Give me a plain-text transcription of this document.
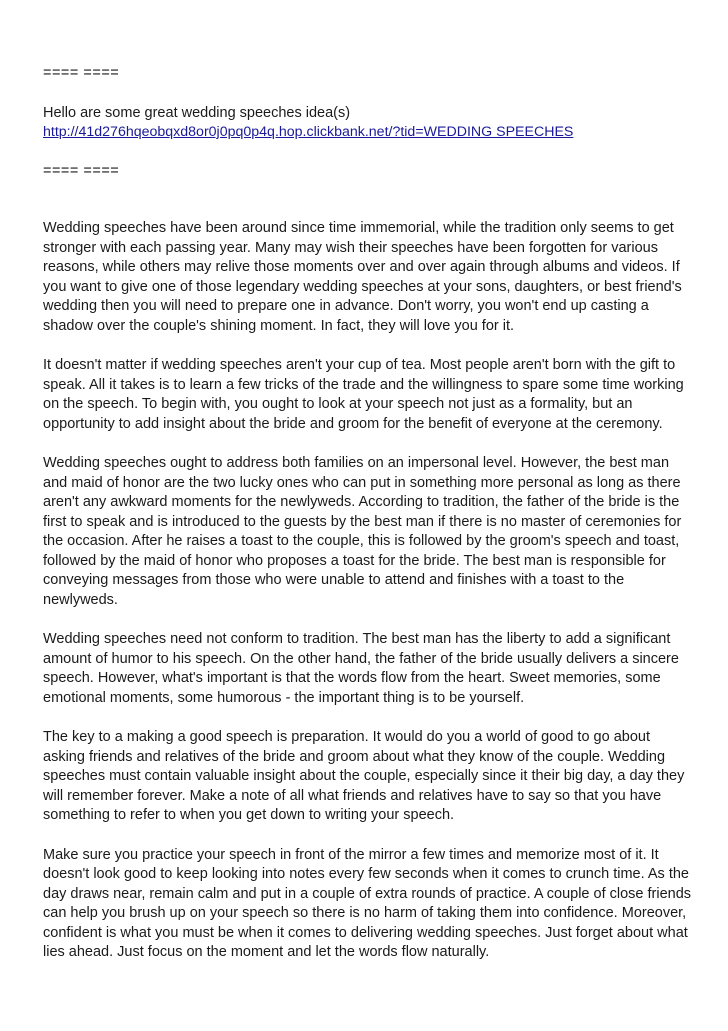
==== ====

Hello are some great wedding speeches idea(s)

http://41d276hqeobqxd8or0j0pq0p4q.hop.clickbank.net/?tid=WEDDING SPEECHES

==== ====

Wedding speeches have been around since time immemorial, while the tradition only seems to get stronger with each passing year. Many may wish their speeches have been forgotten for various reasons, while others may relive those moments over and over again through albums and videos. If you want to give one of those legendary wedding speeches at your sons, daughters, or best friend's wedding then you will need to prepare one in advance. Don't worry, you won't end up casting a shadow over the couple's shining moment. In fact, they will love you for it.

It doesn't matter if wedding speeches aren't your cup of tea. Most people aren't born with the gift to speak. All it takes is to learn a few tricks of the trade and the willingness to spare some time working on the speech. To begin with, you ought to look at your speech not just as a formality, but an opportunity to add insight about the bride and groom for the benefit of everyone at the ceremony.

Wedding speeches ought to address both families on an impersonal level. However, the best man and maid of honor are the two lucky ones who can put in something more personal as long as there aren't any awkward moments for the newlyweds. According to tradition, the father of the bride is the first to speak and is introduced to the guests by the best man if there is no master of ceremonies for the occasion. After he raises a toast to the couple, this is followed by the groom's speech and toast, followed by the maid of honor who proposes a toast for the bride. The best man is responsible for conveying messages from those who were unable to attend and finishes with a toast to the newlyweds.

Wedding speeches need not conform to tradition. The best man has the liberty to add a significant amount of humor to his speech. On the other hand, the father of the bride usually delivers a sincere speech. However, what's important is that the words flow from the heart. Sweet memories, some emotional moments, some humorous - the important thing is to be yourself.

The key to a making a good speech is preparation. It would do you a world of good to go about asking friends and relatives of the bride and groom about what they know of the couple. Wedding speeches must contain valuable insight about the couple, especially since it their big day, a day they will remember forever. Make a note of all what friends and relatives have to say so that you have something to refer to when you get down to writing your speech.

Make sure you practice your speech in front of the mirror a few times and memorize most of it. It doesn't look good to keep looking into notes every few seconds when it comes to crunch time. As the day draws near, remain calm and put in a couple of extra rounds of practice. A couple of close friends can help you brush up on your speech so there is no harm of taking them into confidence. Moreover, confident is what you must be when it comes to delivering wedding speeches. Just forget about what lies ahead. Just focus on the moment and let the words flow naturally.
